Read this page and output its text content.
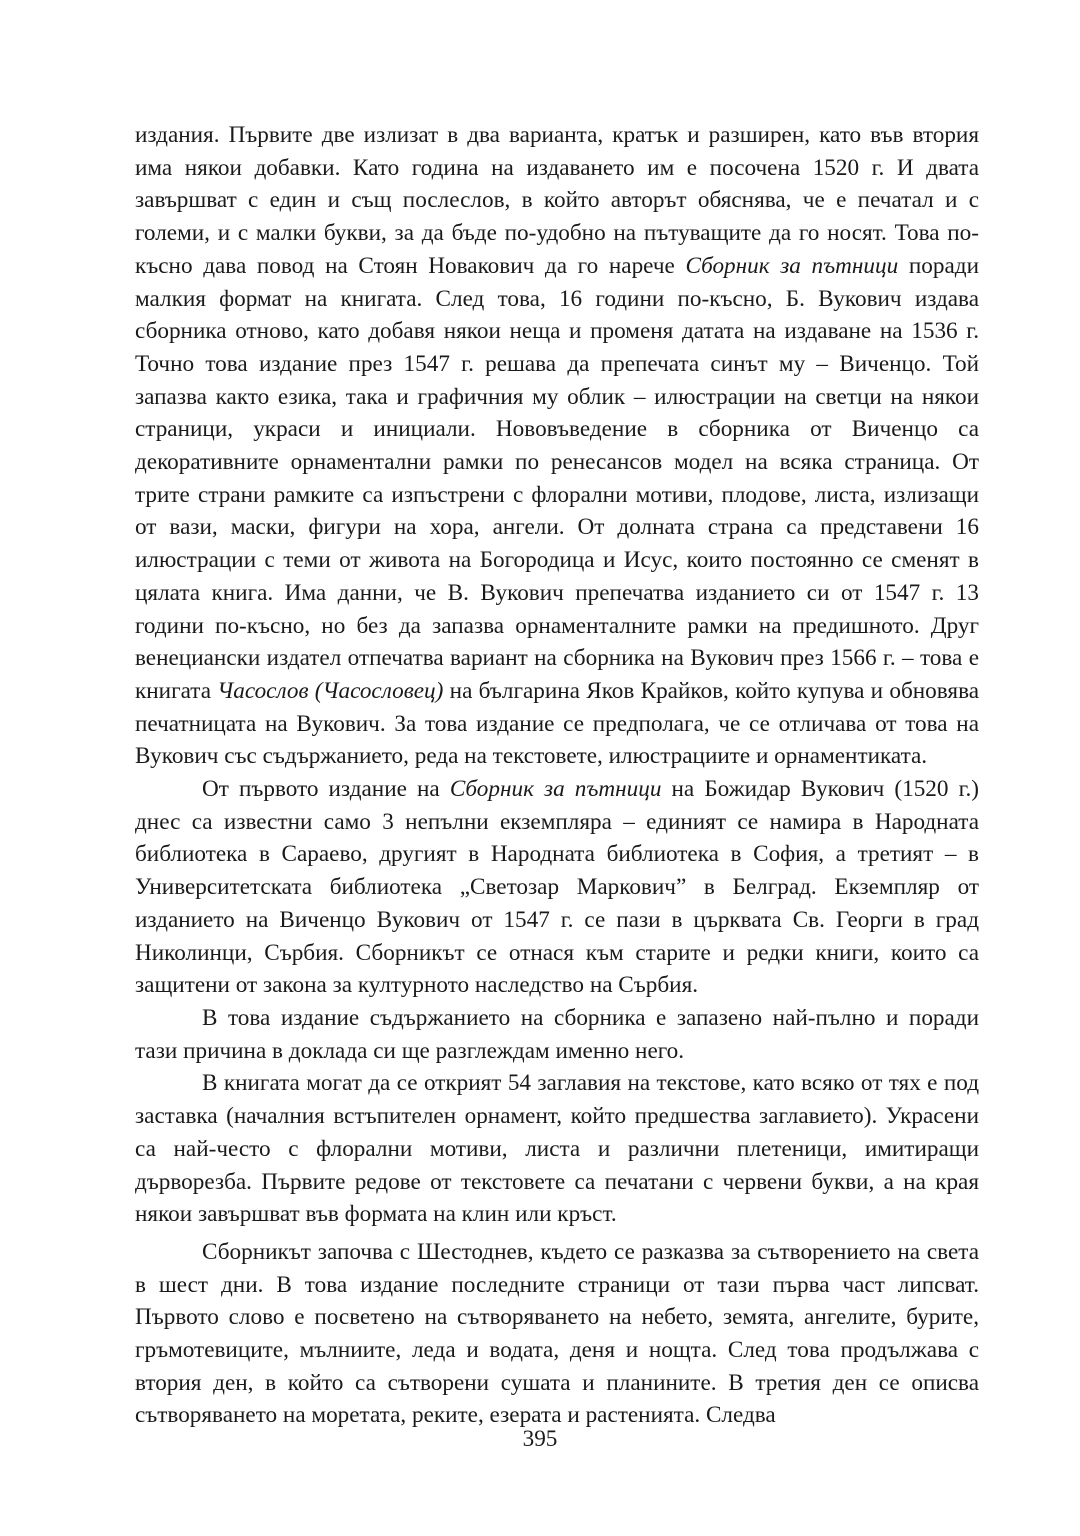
издания. Първите две излизат в два варианта, кратък и разширен, като във втория има някои добавки. Като година на издаването им е посочена 1520 г. И двата завършват с един и същ послеслов, в който авторът обяснява, че е печатал и с големи, и с малки букви, за да бъде по-удобно на пътуващите да го носят. Това по-късно дава повод на Стоян Новакович да го нарече Сборник за пътници поради малкия формат на книгата. След това, 16 години по-късно, Б. Вукович издава сборника отново, като добавя някои неща и променя датата на издаване на 1536 г. Точно това издание през 1547 г. решава да препечата синът му – Виченцо. Той запазва както езика, така и графичния му облик – илюстрации на светци на някои страници, украси и инициали. Нововъведение в сборника от Виченцо са декоративните орнаментални рамки по ренесансов модел на всяка страница. От трите страни рамките са изпъстрени с флорални мотиви, плодове, листа, излизащи от вази, маски, фигури на хора, ангели. От долната страна са представени 16 илюстрации с теми от живота на Богородица и Исус, които постоянно се сменят в цялата книга. Има данни, че В. Вукович препечатва изданието си от 1547 г. 13 години по-късно, но без да запазва орнаменталните рамки на предишното. Друг венециански издател отпечатва вариант на сборника на Вукович през 1566 г. – това е книгата Часослов (Часословец) на българина Яков Крайков, който купува и обновява печатницата на Вукович. За това издание се предполага, че се отличава от това на Вукович със съдържанието, реда на текстовете, илюстрациите и орнаментиката.

От първото издание на Сборник за пътници на Божидар Вукович (1520 г.) днес са известни само 3 непълни екземпляра – единият се намира в Народната библиотека в Сараево, другият в Народната библиотека в София, а третият – в Университетската библиотека „Светозар Маркович” в Белград. Екземпляр от изданието на Виченцо Вукович от 1547 г. се пази в църквата Св. Георги в град Николинци, Сърбия. Сборникът се отнася към старите и редки книги, които са защитени от закона за културното наследство на Сърбия.

В това издание съдържанието на сборника е запазено най-пълно и поради тази причина в доклада си ще разглеждам именно него.

В книгата могат да се открият 54 заглавия на текстове, като всяко от тях е под заставка (началния встъпителен орнамент, който предшества заглавието). Украсени са най-често с флорални мотиви, листа и различни плетеници, имитиращи дърворезба. Първите редове от текстовете са печатани с червени букви, а на края някои завършват във формата на клин или кръст.

Сборникът започва с Шестоднев, където се разказва за сътворението на света в шест дни. В това издание последните страници от тази първа част липсват. Първото слово е посветено на сътворяването на небето, земята, ангелите, бурите, гръмотевиците, мълниите, леда и водата, деня и нощта. След това продължава с втория ден, в който са сътворени сушата и планините. В третия ден се описва сътворяването на моретата, реките, езерата и растенията. Следва

395
